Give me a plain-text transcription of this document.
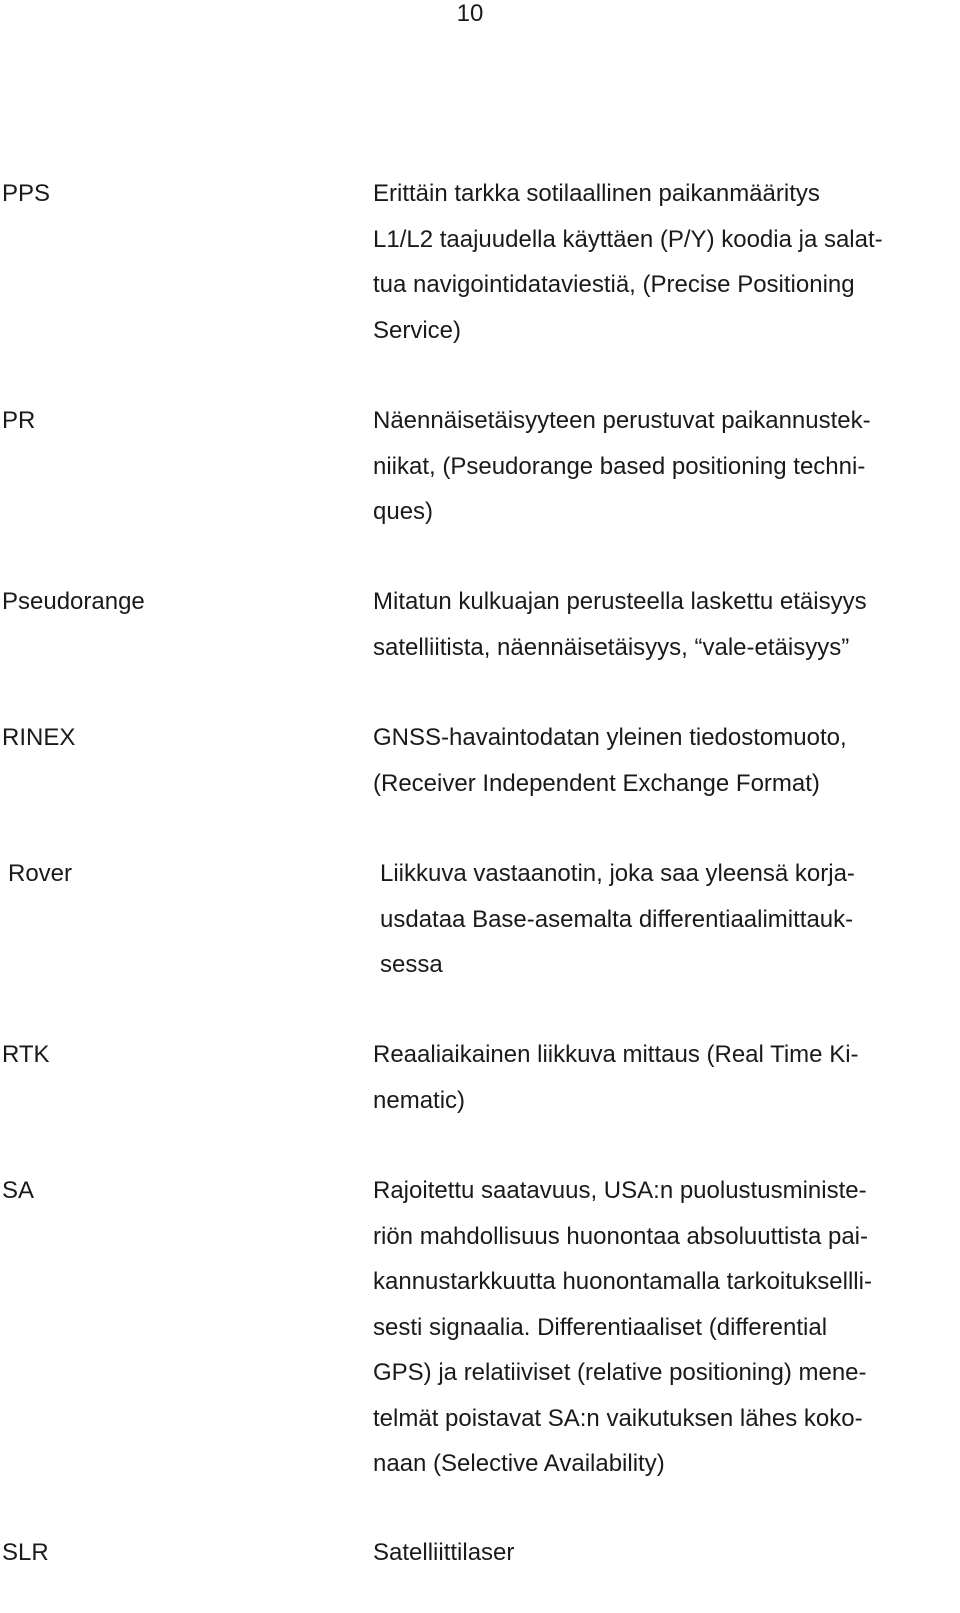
10
PPS	Erittäin tarkka sotilaallinen paikanmääritys
L1/L2 taajuudella käyttäen (P/Y) koodia ja salat-
tua navigointidataviestiä, (Precise Positioning
Service)
PR	Näennäisetäisyyteen perustuvat paikannustek-
niikat, (Pseudorange based positioning techni-
ques)
Pseudorange	Mitatun kulkuajan perusteella laskettu etäisyys
satelliitista, näennäisetäisyys, “vale-etäisyys”
RINEX	GNSS-havaintodatan yleinen tiedostomuoto,
(Receiver Independent Exchange Format)
Rover	Liikkuva vastaanotin, joka saa yleensä korja-
usdataa Base-asemalta differentiaalimittauk-
sessa
RTK	Reaaliaikainen liikkuva mittaus (Real Time Ki-
nematic)
SA	Rajoitettu saatavuus, USA:n puolustusministe-
riön mahdollisuus huonontaa absoluuttista pai-
kannustarkkuutta huonontamalla tarkoituksellli-
sesti signaalia. Differentiaaliset (differential
GPS) ja relatiiviset (relative positioning) mene-
telmät poistavat SA:n vaikutuksen lähes koko-
naan (Selective Availability)
SLR	Satelliittilaser
